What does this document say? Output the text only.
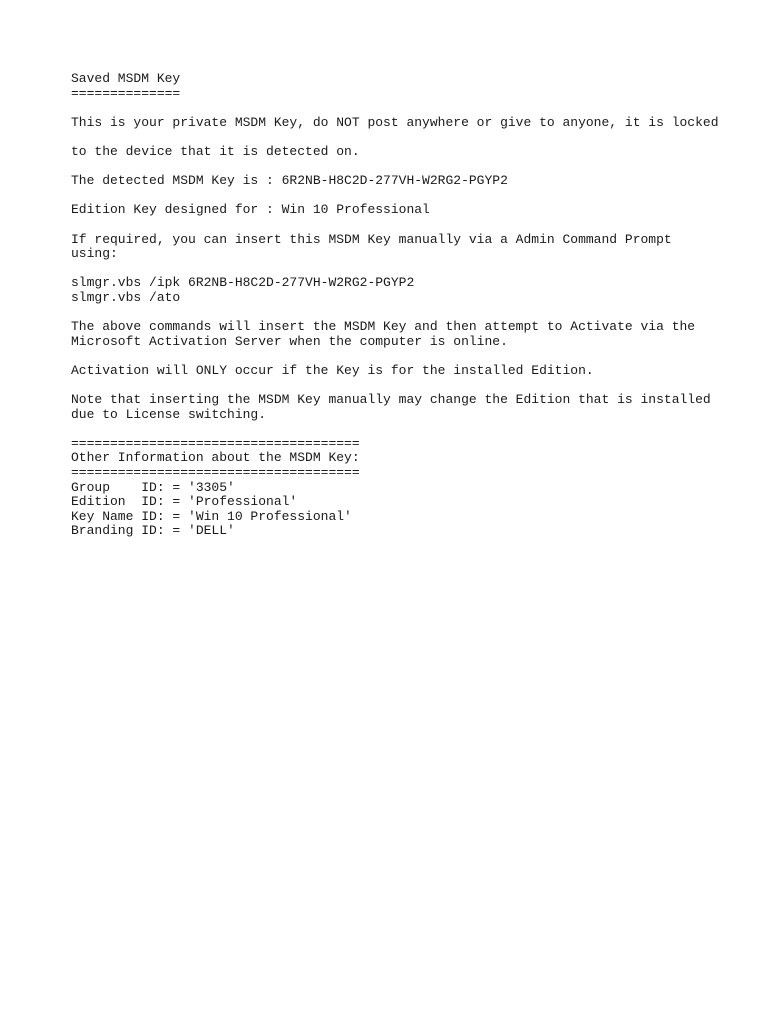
Saved MSDM Key
==============
This is your private MSDM Key, do NOT post anywhere or give to anyone, it is locked
to the device that it is detected on.
The detected MSDM Key is : 6R2NB-H8C2D-277VH-W2RG2-PGYP2
Edition Key designed for : Win 10 Professional
If required, you can insert this MSDM Key manually via a Admin Command Prompt
using:
slmgr.vbs /ipk 6R2NB-H8C2D-277VH-W2RG2-PGYP2
slmgr.vbs /ato
The above commands will insert the MSDM Key and then attempt to Activate via the
Microsoft Activation Server when the computer is online.
Activation will ONLY occur if the Key is for the installed Edition.
Note that inserting the MSDM Key manually may change the Edition that is installed
due to License switching.
=====================================
Other Information about the MSDM Key:
=====================================
Group    ID: = '3305'
Edition  ID: = 'Professional'
Key Name ID: = 'Win 10 Professional'
Branding ID: = 'DELL'
